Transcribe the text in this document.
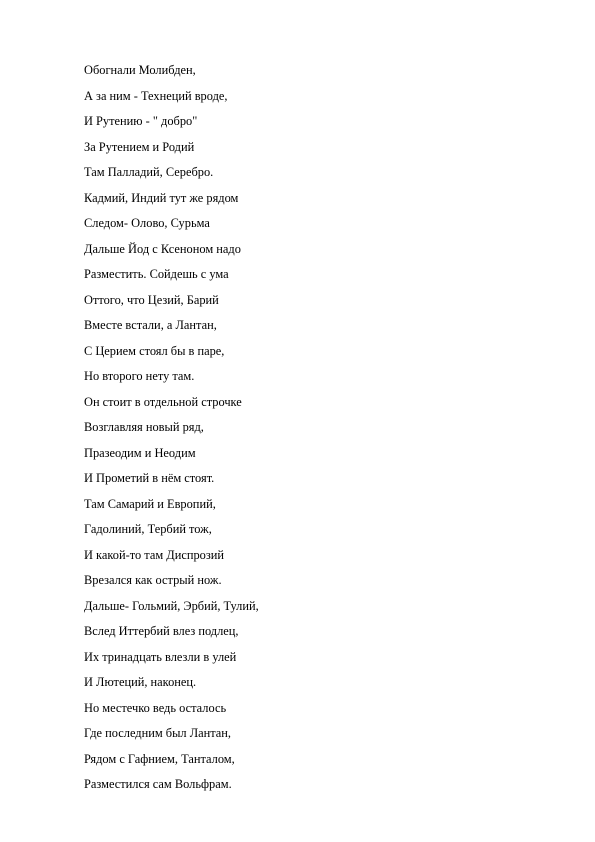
Обогнали Молибден,
А за ним - Технеций вроде,
И Рутению - " добро"
За Рутением и Родий
Там Палладий, Серебро.
Кадмий, Индий тут же рядом
Следом- Олово, Сурьма
Дальше Йод с Ксеноном надо
Разместить. Сойдешь с ума
Оттого, что Цезий, Барий
Вместе встали, а Лантан,
С Церием стоял бы в паре,
Но второго нету там.
Он стоит в отдельной строчке
Возглавляя новый ряд,
Празеодим и Неодим
И Прометий в нём стоят.
Там Самарий и Европий,
Гадолиний, Тербий тож,
И какой-то там Диспрозий
Врезался как острый нож.
Дальше- Гольмий, Эрбий, Тулий,
Вслед Иттербий влез подлец,
Их тринадцать влезли в улей
И Лютеций, наконец.
Но местечко ведь осталось
Где последним был Лантан,
Рядом с Гафнием, Танталом,
Разместился сам Вольфрам.
